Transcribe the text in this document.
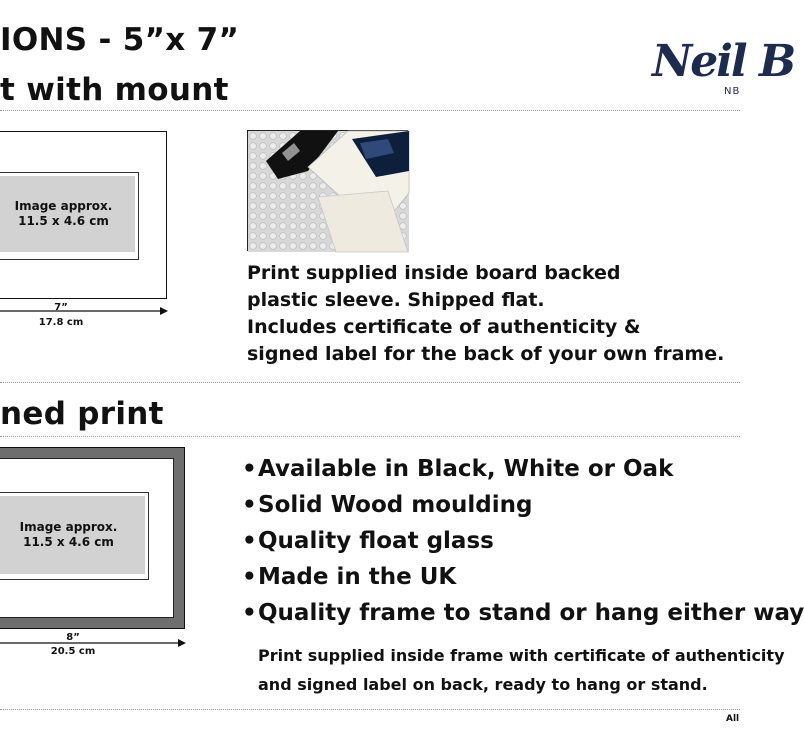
IONS - 5”x 7”
t with mount
Neil B
NB
Image approx.
11.5 x 4.6 cm
7”
17.8 cm
Print supplied inside board backed
plastic sleeve. Shipped flat.
Includes certificate of authenticity &
signed label for the back of your own frame.
ned print
Image approx.
11.5 x 4.6 cm
8”
20.5 cm
•Available in Black, White or Oak
•Solid Wood moulding
•Quality float glass
•Made in the UK
•Quality frame to stand or hang either way
Print supplied inside frame with certificate of authenticity
and signed label on back, ready to hang or stand.
All
